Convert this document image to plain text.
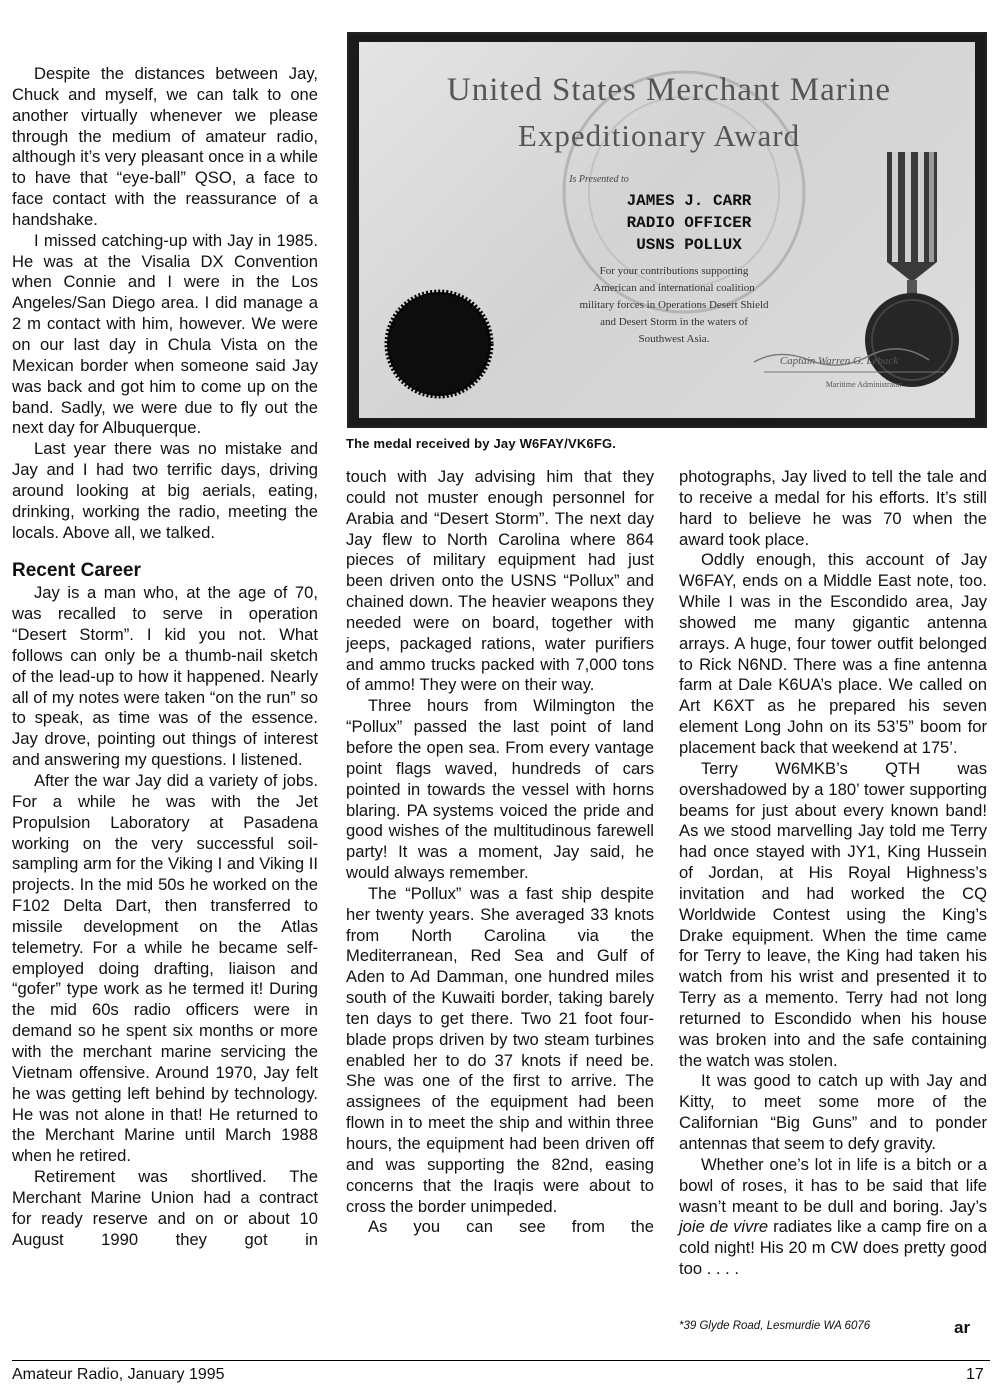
Despite the distances between Jay, Chuck and myself, we can talk to one another virtually whenever we please through the medium of amateur radio, although it’s very pleasant once in a while to have that “eye-ball” QSO, a face to face contact with the reassurance of a handshake.

I missed catching-up with Jay in 1985. He was at the Visalia DX Convention when Connie and I were in the Los Angeles/San Diego area. I did manage a 2 m contact with him, however. We were on our last day in Chula Vista on the Mexican border when someone said Jay was back and got him to come up on the band. Sadly, we were due to fly out the next day for Albuquerque.

Last year there was no mistake and Jay and I had two terrific days, driving around looking at big aerials, eating, drinking, working the radio, meeting the locals. Above all, we talked.

Recent Career

Jay is a man who, at the age of 70, was recalled to serve in operation “Desert Storm”. I kid you not. What follows can only be a thumb-nail sketch of the lead-up to how it happened. Nearly all of my notes were taken “on the run” so to speak, as time was of the essence. Jay drove, pointing out things of interest and answering my questions. I listened.

After the war Jay did a variety of jobs. For a while he was with the Jet Propulsion Laboratory at Pasadena working on the very successful soil-sampling arm for the Viking I and Viking II projects. In the mid 50s he worked on the F102 Delta Dart, then transferred to missile development on the Atlas telemetry. For a while he became self-employed doing drafting, liaison and “gofer” type work as he termed it! During the mid 60s radio officers were in demand so he spent six months or more with the merchant marine servicing the Vietnam offensive. Around 1970, Jay felt he was getting left behind by technology. He was not alone in that! He returned to the Merchant Marine until March 1988 when he retired.

Retirement was shortlived. The Merchant Marine Union had a contract for ready reserve and on or about 10 August 1990 they got in

United States Merchant Marine
Expeditionary Award
Is Presented to
JAMES J. CARR
RADIO OFFICER
USNS POLLUX
For your contributions supporting
American and international coalition
military forces in Operations Desert Shield
and Desert Storm in the waters of
Southwest Asia.
Captain Warren G. Leback
Maritime Administrator
The medal received by Jay W6FAY/VK6FG.

touch with Jay advising him that they could not muster enough personnel for Arabia and “Desert Storm”. The next day Jay flew to North Carolina where 864 pieces of military equipment had just been driven onto the USNS “Pollux” and chained down. The heavier weapons they needed were on board, together with jeeps, packaged rations, water purifiers and ammo trucks packed with 7,000 tons of ammo! They were on their way.

Three hours from Wilmington the “Pollux” passed the last point of land before the open sea. From every vantage point flags waved, hundreds of cars pointed in towards the vessel with horns blaring. PA systems voiced the pride and good wishes of the multitudinous farewell party! It was a moment, Jay said, he would always remember.

The “Pollux” was a fast ship despite her twenty years. She averaged 33 knots from North Carolina via the Mediterranean, Red Sea and Gulf of Aden to Ad Damman, one hundred miles south of the Kuwaiti border, taking barely ten days to get there. Two 21 foot four-blade props driven by two steam turbines enabled her to do 37 knots if need be. She was one of the first to arrive. The assignees of the equipment had been flown in to meet the ship and within three hours, the equipment had been driven off and was supporting the 82nd, easing concerns that the Iraqis were about to cross the border unimpeded.

As you can see from the

photographs, Jay lived to tell the tale and to receive a medal for his efforts. It’s still hard to believe he was 70 when the award took place.

Oddly enough, this account of Jay W6FAY, ends on a Middle East note, too. While I was in the Escondido area, Jay showed me many gigantic antenna arrays. A huge, four tower outfit belonged to Rick N6ND. There was a fine antenna farm at Dale K6UA’s place. We called on Art K6XT as he prepared his seven element Long John on its 53’5” boom for placement back that weekend at 175’.

Terry W6MKB’s QTH was overshadowed by a 180’ tower supporting beams for just about every known band! As we stood marvelling Jay told me Terry had once stayed with JY1, King Hussein of Jordan, at His Royal Highness’s invitation and had worked the CQ Worldwide Contest using the King’s Drake equipment. When the time came for Terry to leave, the King had taken his watch from his wrist and presented it to Terry as a memento. Terry had not long returned to Escondido when his house was broken into and the safe containing the watch was stolen.

It was good to catch up with Jay and Kitty, to meet some more of the Californian “Big Guns” and to ponder antennas that seem to defy gravity.

Whether one’s lot in life is a bitch or a bowl of roses, it has to be said that life wasn’t meant to be dull and boring. Jay’s joie de vivre radiates like a camp fire on a cold night! His 20 m CW does pretty good too . . . .

*39 Glyde Road, Lesmurdie WA 6076	ar
Amateur Radio, January 1995	17
